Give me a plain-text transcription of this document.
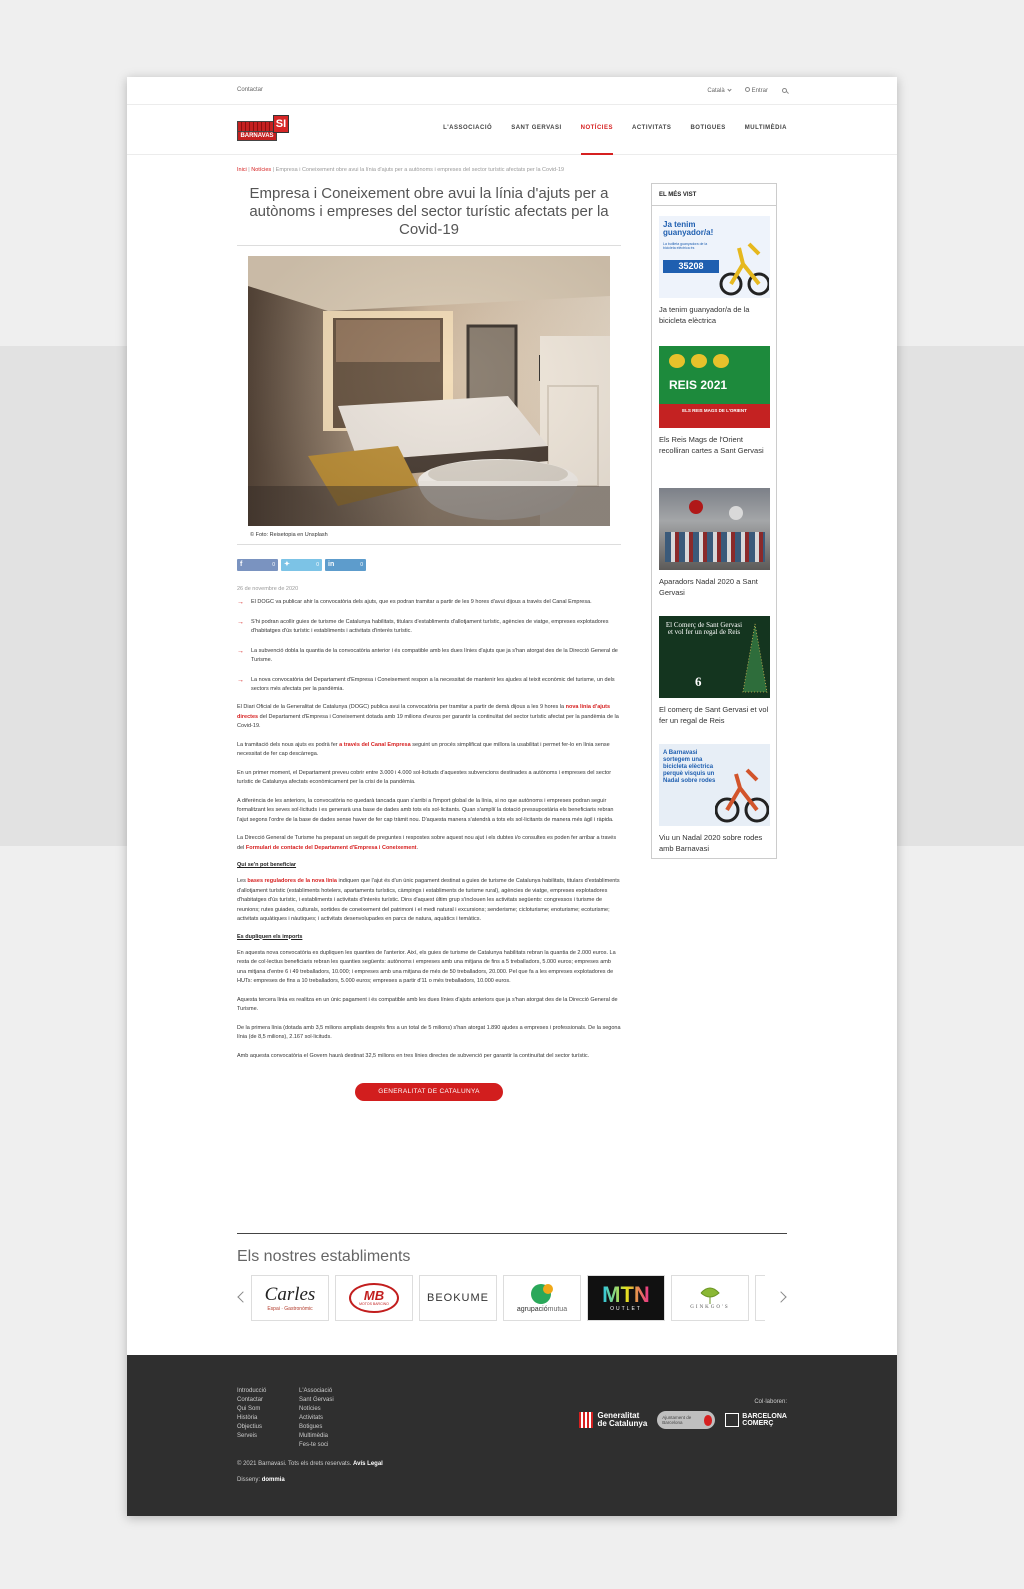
Contactar	Català	Entrar
BARNAVAS
SI	L'ASSOCIACIÓ	SANT GERVASI	NOTÍCIES	ACTIVITATS	BOTIGUES	MULTIMÈDIA
Inici | Notícies | Empresa i Coneixement obre avui la línia d'ajuts per a autònoms i empreses del sector turístic afectats per la Covid-19
Empresa i Coneixement obre avui la línia d'ajuts per a autònoms i empreses del sector turístic afectats per la Covid-19
© Foto: Reisetopia en Unsplash
f	0 ✦	0 in	0
26 de novembre de 2020
→ El DOGC va publicar ahir la convocatòria dels ajuts, que es podran tramitar a partir de les 9 hores d'avui dijous a través del Canal Empresa.
→ S'hi podran acollir guies de turisme de Catalunya habilitats, titulars d'establiments d'allotjament turístic, agències de viatge, empreses explotadores d'habitatges d'ús turístic i establiments i activitats d'interès turístic.
→ La subvenció dobla la quantia de la convocatòria anterior i és compatible amb les dues línies d'ajuts que ja s'han atorgat des de la Direcció General de Turisme.
→ La nova convocatòria del Departament d'Empresa i Coneixement respon a la necessitat de mantenir les ajudes al teixit econòmic del turisme, un dels sectors més afectats per la pandèmia.

El Diari Oficial de la Generalitat de Catalunya (DOGC) publica avui la convocatòria per tramitar a partir de demà dijous a les 9 hores la nova línia d'ajuts directes del Departament d'Empresa i Coneixement dotada amb 19 milions d'euros per garantir la continuïtat del sector turístic afectat per la pandèmia de la Covid-19.

La tramitació dels nous ajuts es podrà fer a través del Canal Empresa seguint un procés simplificat que millora la usabilitat i permet fer-lo en línia sense necessitat de fer cap descàrrega.

En un primer moment, el Departament preveu cobrir entre 3.000 i 4.000 sol·licituds d'aquestes subvencions destinades a autònoms i empreses del sector turístic de Catalunya afectats econòmicament per la crisi de la pandèmia.

A diferència de les anteriors, la convocatòria no quedarà tancada quan s'arribi a l'import global de la línia, si no que autònoms i empreses podran seguir formalitzant les seves sol·licituds i es generarà una base de dades amb tots els sol·licitants. Quan s'ampliï la dotació pressupostària els beneficiaris rebran l'ajut segons l'ordre de la base de dades sense haver de fer cap tràmit nou. D'aquesta manera s'atendrà a tots els sol·licitants de manera més àgil i ràpida.

La Direcció General de Turisme ha preparat un seguit de preguntes i respostes sobre aquest nou ajut i els dubtes i/o consultes es poden fer arribar a través del Formulari de contacte del Departament d'Empresa i Coneixement.

Qui se'n pot beneficiar

Les bases reguladores de la nova línia indiquen que l'ajut és d'un únic pagament destinat a guies de turisme de Catalunya habilitats, titulars d'establiments d'allotjament turístic (establiments hotelers, apartaments turístics, càmpings i establiments de turisme rural), agències de viatge, empreses explotadores d'habitatges d'ús turístic, i establiments i activitats d'interès turístic. Dins d'aquest últim grup s'inclouen les activitats següents: congressos i turisme de reunions; rutes guiades, culturals, sortides de coneixement del patrimoni i el medi natural i excursions; senderisme; cicloturisme; enoturisme; ecoturisme; activitats aquàtiques i nàutiques; i activitats desenvolupades en parcs de natura, aquàtics i temàtics.

Es dupliquen els imports

En aquesta nova convocatòria es dupliquen les quanties de l'anterior. Així, els guies de turisme de Catalunya habilitats rebran la quantia de 2.000 euros. La resta de col·lectius beneficiaris rebran les quanties següents: autònoms i empreses amb una mitjana de fins a 5 treballadors, 5.000 euros; empreses amb una mitjana d'entre 6 i 49 treballadors, 10.000; i empreses amb una mitjana de més de 50 treballadors, 20.000. Pel que fa a les empreses explotadores de HUTs: empreses de fins a 10 treballadors, 5.000 euros; empreses a partir d'11 o més treballadors, 10.000 euros.

Aquesta tercera línia es realitza en un únic pagament i és compatible amb les dues línies d'ajuts anteriors que ja s'han atorgat des de la Direcció General de Turisme.

De la primera línia (dotada amb 3,5 milions ampliats després fins a un total de 5 milions) s'han atorgat 1.890 ajudes a empreses i professionals. De la segona línia (de 8,5 milions), 2.167 sol·licituds.

Amb aquesta convocatòria el Govern haurà destinat 32,5 milions en tres línies directes de subvenció per garantir la continuïtat del sector turístic.

GENERALITAT DE CATALUNYA
EL MÉS VIST
Ja tenim guanyador/a!
La butlleta guanyadora de la bicicleta elèctrica és
35208
Ja tenim guanyador/a de la bicicleta elèctrica
REIS 2021
ELS REIS MAGS DE L'ORIENT
Els Reis Mags de l'Orient recolliran cartes a Sant Gervasi
Aparadors Nadal 2020 a Sant Gervasi
El Comerç de Sant Gervasi et vol fer un regal de Reis
6
El comerç de Sant Gervasi et vol fer un regal de Reis
A Barnavasi sortegem una bicicleta elèctrica perquè visquis un Nadal sobre rodes
Viu un Nadal 2020 sobre rodes amb Barnavasi
Els nostres establiments
Carles
Espai · Gastronòmic
MB
MOTOS BARCINO	BEOKUME
agrupaciómutua
MTN
OUTLET	GINKGO'S
Introducció
Contactar
Qui Som
Història
Objectius
Serveis
L'Associació
Sant Gervasi
Notícies
Activitats
Botigues
Multimèdia
Fes-te soci
Col·laboren:
Generalitat
de Catalunya
Ajuntament de Barcelona
BARCELONA
COMERÇ
© 2021 Barnavasi. Tots els drets reservats. Avís Legal
Disseny: dommia
